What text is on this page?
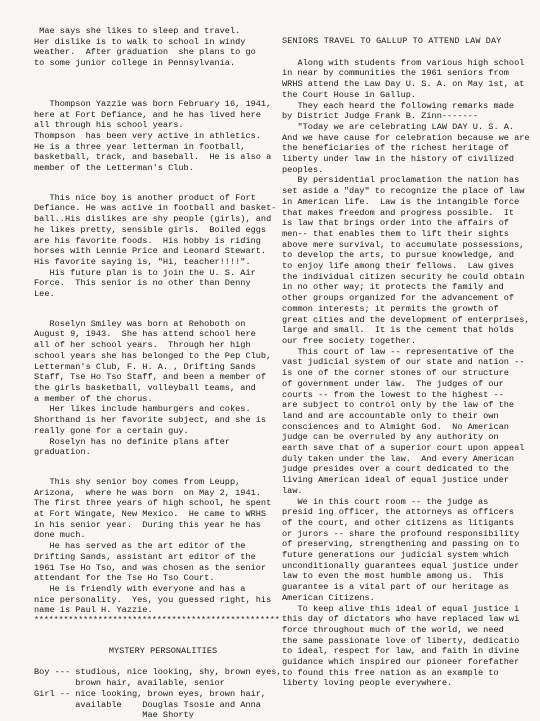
Mae says she likes to sleep and travel.
Her dislike is to walk to school in windy
weather.  After graduation  she plans to go
to some junior college in Pennsylvania.
Thompson Yazzie was born February 16, 1941,
here at Fort Defiance, and he has lived here
all through his school years.
Thompson  has been very active in athletics.
He is a three year letterman in football,
basketball, track, and baseball.  He is also a
member of the Letterman's Club.
This nice boy is another product of Fort
Defiance. He was active in football and basket-
ball..His dislikes are shy people (girls), and
he likes pretty, sensible girls.  Boiled eggs
are his favorite foods.  His hobby is riding
horses with Lennie Price and Leonard Stewart.
His favorite saying is, "Hi, teacher!!!!".
His future plan is to join the U. S. Air
Force.  This senior is no other than Denny
Lee.
Roselyn Smiley was born at Rehoboth on
August 9, 1943.  She has attend school here
all of her school years.  Through her high
school years she has belonged to the Pep Club,
Letterman's Club, F. H. A. , Drifting Sands
Staff, Tse Ho Tso Staff, and been a member of
the girls basketball, volleyball teams, and
a member of the chorus.
Her likes include hamburgers and cokes.
Shorthand is her favorite subject, and she is
really gone for a certain guy.
Roselyn has no definite plans after
graduation.
This shy senior boy comes from Leupp,
Arizona,  where he was born  on May 2, 1941.
The first three years of high school, he spent
at Fort Wingate, New Mexico.  He came to WRHS
in his senior year.  During this year he has
done much.
He has served as the art editor of the
Drifting Sands, assistant art editor of the
1961 Tse Ho Tso, and was chosen as the senior
attendant for the Tse Ho Tso Court.
He is friendly with everyone and has a
nice personality.  Yes, you guessed right, his
name is Paul H. Yazzie.
**************************************************
MYSTERY PERSONALITIES
Boy --- studious, nice looking, shy, brown eyes,
brown hair, available, senior
Girl -- nice looking, brown eyes, brown hair,
available    Douglas Tsosie and Anna
Mae Shorty
SENIORS TRAVEL TO GALLUP TO ATTEND LAW DAY
Along with students from various high school
in near by communities the 1961 seniors from
WRHS attend the Law Day U. S. A. on May 1st, at
the Court House in Gallup.
They each heard the following remarks made
by District Judge Frank B. Zinn-------
"Today we are celebrating LAW DAY U. S. A.
And we have cause for celebration because we are
the beneficiaries of the richest heritage of
liberty under law in the history of civilized
peoples.
By persidential proclamation the nation has
set aside a "day" to recognize the place of law
in American life.  Law is the intangible force
that makes freedom and progress possible.  It
is law that brings order into the affairs of
men-- that enables them to lift their sights
above mere survival, to accumulate possessions,
to develop the arts, to pursue knowledge, and
to enjoy life among their fellows.  Law gives
the individual citizen security he could obtain
in no other way; it protects the family and
other groups organized for the advancement of
common interests; it permits the growth of
great cities and the development of enterprises,
large and small.  It is the cement that holds
our free society together.
This court of law -- representative of the
vast judicial system of our state and nation --
is one of the corner stones of our structure
of government under law.  The judges of our
courts -- from the lowest to the highest --
are subject to control only by the law of the
land and are accountable only to their own
consciences and to Almight God.  No American
judge can be overruled by any authority on
earth save that of a superior court upon appeal
duly taken under the law.  And every American
judge presides over a court dedicated to the
living American ideal of equal justice under
law.
We in this court room -- the judge as
presid ing officer, the attorneys as officers
of the court, and other citizens as litigants
or jurors -- share the profound responsibility
of preserving, strengthening and passing on to
future generations our judicial system which
unconditionally guarantees equal justice under
law to even the most humble among us.  This
guarantee is a vital part of our heritage as
American Citizens.
To keep alive this ideal of equal justice i
this day of dictators who have replaced law wi
force throughout much of the world, we need
the same passionate love of liberty, dedicatio
to ideal, respect for law, and faith in divine
guidance which inspired our pioneer forefather
to found this free nation as an example to
liberty loving people everywhere.
